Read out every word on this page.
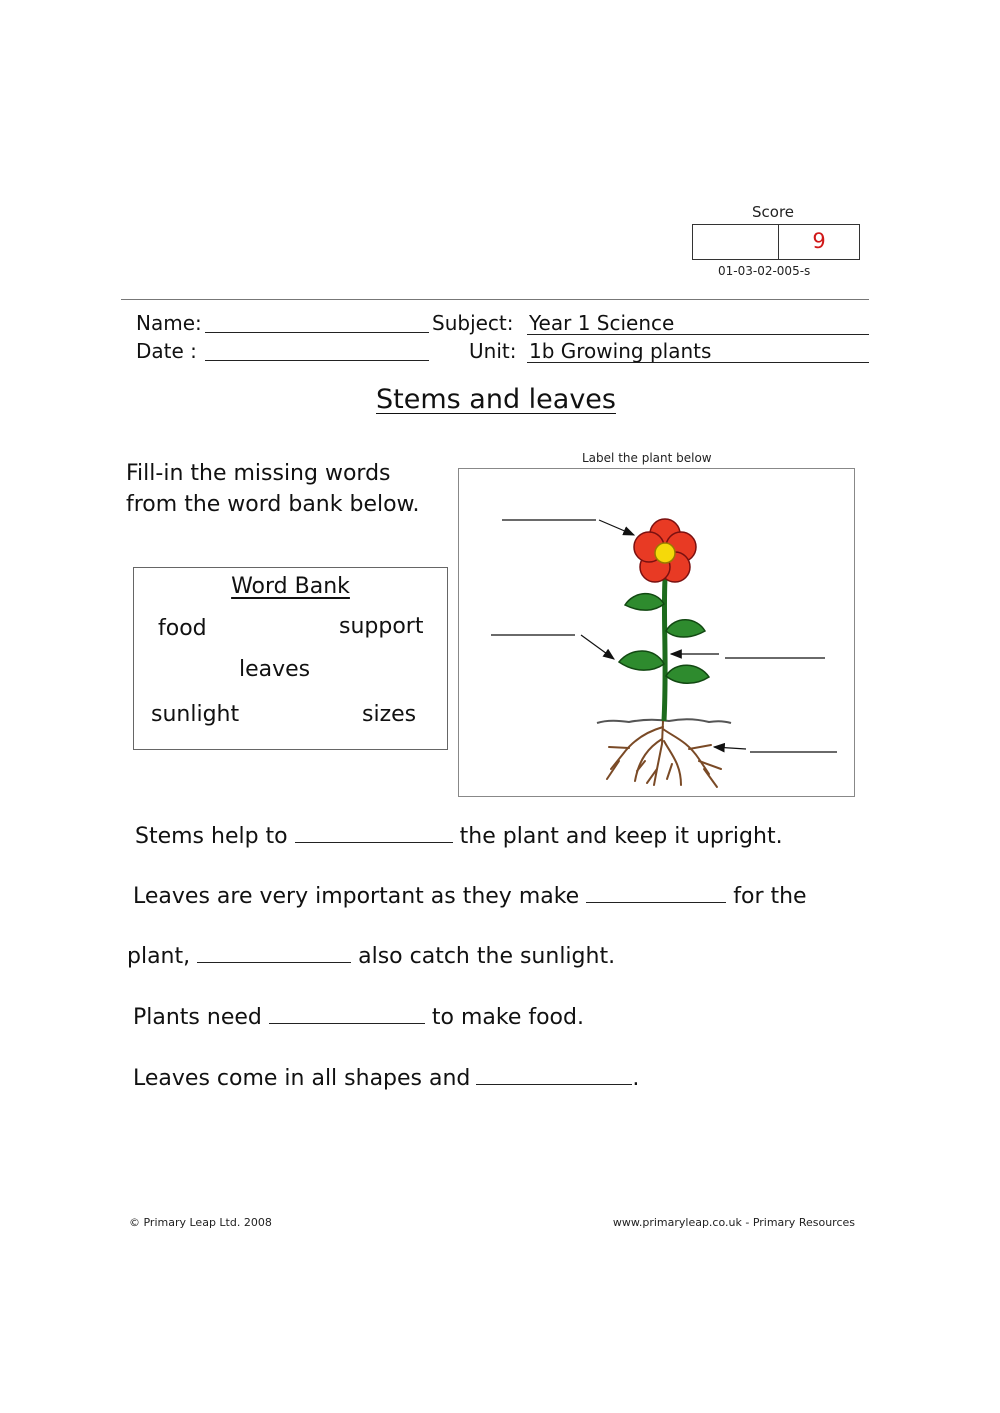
Score
9
01-03-02-005-s
Name:	Subject: Year 1 Science
Date :	Unit: 1b Growing plants
Stems and leaves
Fill-in the missing words
from the word bank below.
Word Bank
food	support
leaves
sunlight	sizes
Label the plant below
Stems help to	the plant and keep it upright.
Leaves are very important as they make	for the
plant,	also catch the sunlight.
Plants need	to make food.
Leaves come in all shapes and	.
© Primary Leap Ltd. 2008	www.primaryleap.co.uk - Primary Resources
